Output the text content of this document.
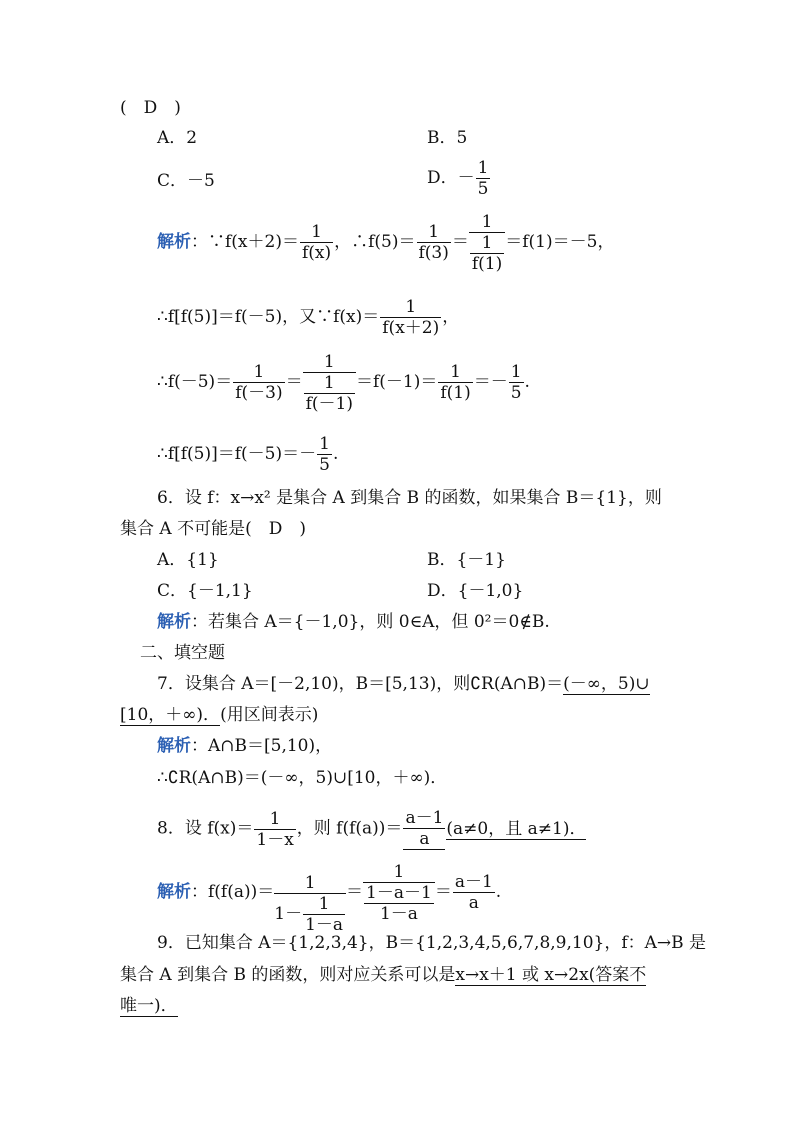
(　D　)
A．2	B．5
C．－5	D．－ $\frac{1}{5}$
解析：∵f(x＋2)＝ $\frac{1}{f(x)}$ ，∴f(5)＝ $\frac{1}{f(3)} = 1$
1
f(1) ＝f(1)＝－5，
∴f[f(5)]＝f(－5)，又∵f(x)＝ $\frac{1}{f(x+2)}$ ，
∴f(－5)＝ $\frac{1}{f(-3)} = 1$
1
$f(-1) =f(-1)= \frac{1}{f(1)} =- \frac{1}{5}$ .
∴f[f(5)]＝f(－5)＝－ $\frac{1}{5}$ .
6．设 f：x→x² 是集合 A 到集合 B 的函数，如果集合 B＝{1}，则
集合 A 不可能是(　D　)
A．{1}	B．{－1}
C．{－1,1}	D．{－1,0}
解析：若集合 A＝{－1,0}，则 0∈A，但 0²＝0∉B.
二、填空题
7．设集合 A＝[－2,10)，B＝[5,13)，则∁R(A∩B)＝(－∞，5)∪
[10，＋∞)．(用区间表示)
解析：A∩B＝[5,10)，
∴∁R(A∩B)＝(－∞，5)∪[10，＋∞)．
8．设 $f(x)= \frac{1}{1-x}$ ，则 $f(f(a))= \frac{a-1}{a} (a\ne 0$，且 a≠1)．
解析：$f(f(a))= \frac{1}{1- \frac{1}{1-a}} = 1$
1－a－1
$1-a = \frac{a-1}{a}$ .
9．已知集合 A＝{1,2,3,4}，B＝{1,2,3,4,5,6,7,8,9,10}，f：A→B 是
集合 A 到集合 B 的函数，则对应关系可以是x→x＋1 或 x→2x(答案不
唯一)．
